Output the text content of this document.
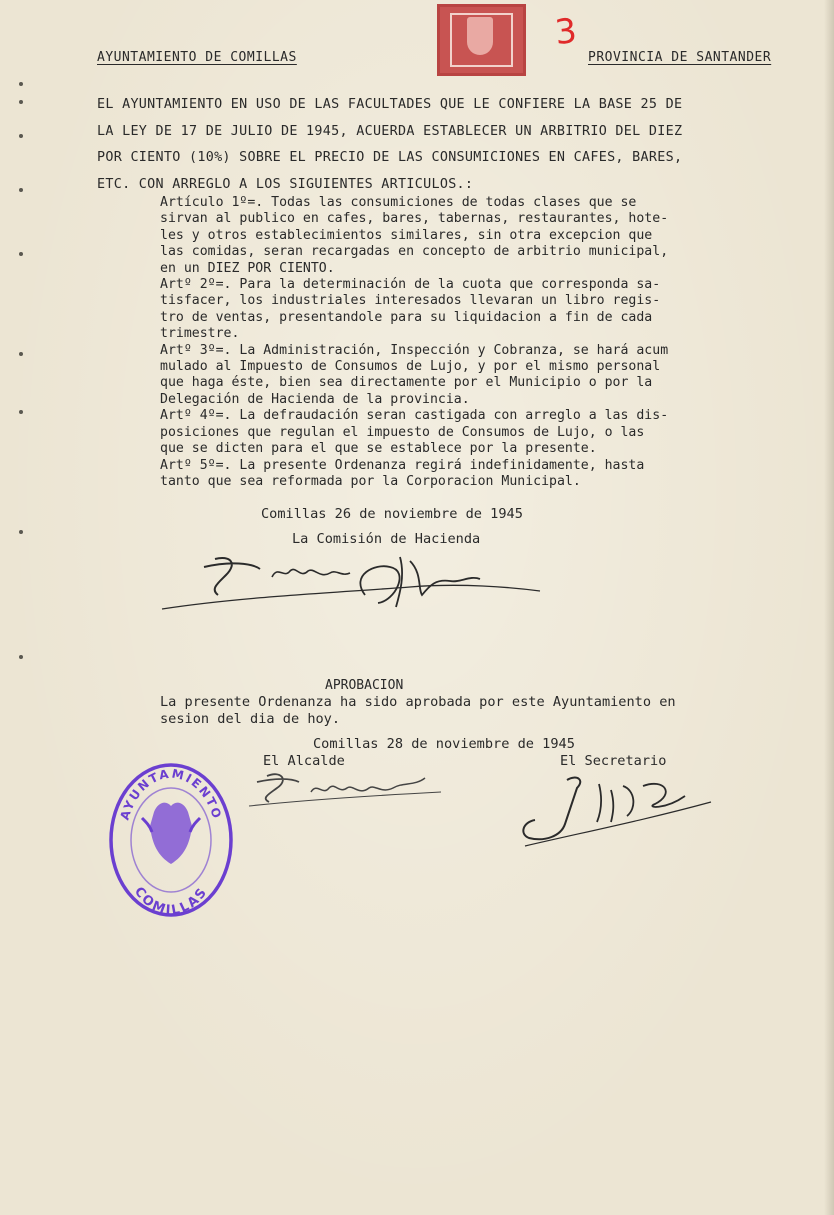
3
AYUNTAMIENTO DE COMILLAS	PROVINCIA DE SANTANDER
EL AYUNTAMIENTO EN USO DE LAS FACULTADES QUE LE CONFIERE LA BASE 25 DE
LA LEY DE 17 DE JULIO DE 1945, ACUERDA ESTABLECER UN ARBITRIO DEL DIEZ
POR CIENTO (10%) SOBRE EL PRECIO DE LAS CONSUMICIONES EN CAFES, BARES,
ETC. CON ARREGLO A LOS SIGUIENTES ARTICULOS.:
Artículo 1º=. Todas las consumiciones de todas clases que se
sirvan al publico en cafes, bares, tabernas, restaurantes, hote-
les y otros establecimientos similares, sin otra excepcion que
las comidas, seran recargadas en concepto de arbitrio municipal,
en un DIEZ POR CIENTO.
Artº 2º=. Para la determinación de la cuota que corresponda sa-
tisfacer, los industriales interesados llevaran un libro regis-
tro de ventas, presentandole para su liquidacion a fin de cada
trimestre.
Artº 3º=. La Administración, Inspección y Cobranza, se hará acum
mulado al Impuesto de Consumos de Lujo, y por el mismo personal
que haga éste, bien sea directamente por el Municipio o por la
Delegación de Hacienda de la provincia.
Artº 4º=. La defraudación seran castigada con arreglo a las dis-
posiciones que regulan el impuesto de Consumos de Lujo, o las
que se dicten para el que se establece por la presente.
Artº 5º=. La presente Ordenanza regirá indefinidamente, hasta
tanto que sea reformada por la Corporacion Municipal.
Comillas 26 de noviembre de 1945
La Comisión de Hacienda
APROBACION
La presente Ordenanza ha sido aprobada por este Ayuntamiento en
sesion del dia de hoy.
Comillas 28 de noviembre de 1945
El Alcalde	El Secretario
AYUNTAMIENTO
COMILLAS
